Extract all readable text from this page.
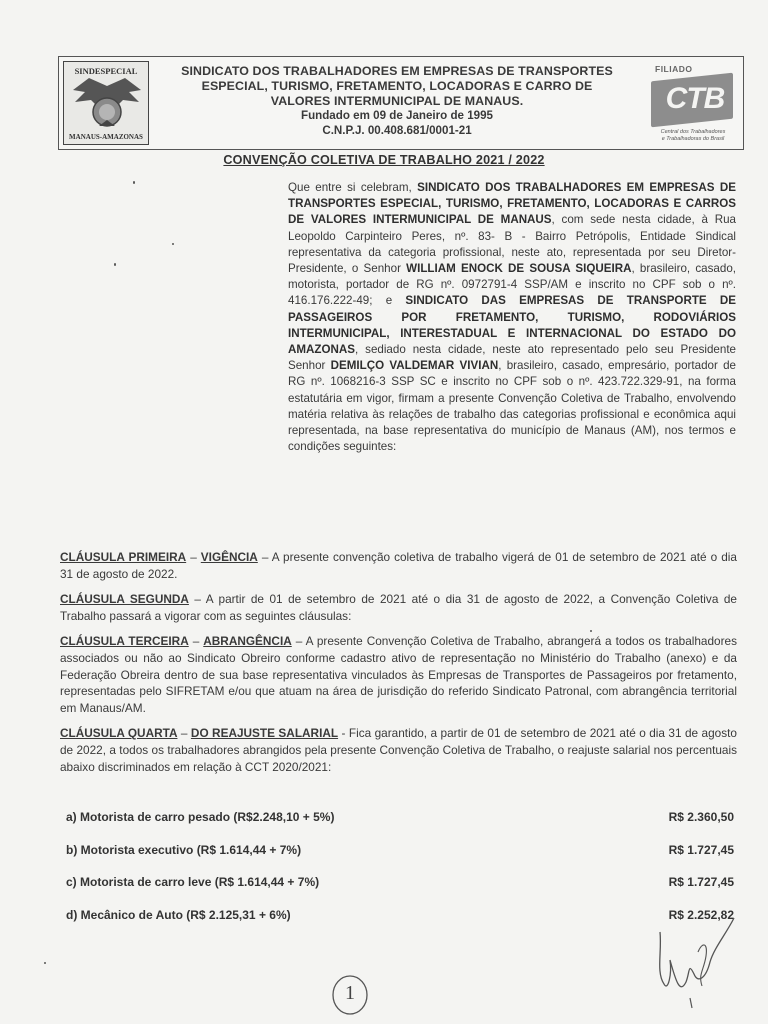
SINDESPECIAL
MANAUS-AMAZONAS
SINDICATO DOS TRABALHADORES EM EMPRESAS DE TRANSPORTES
ESPECIAL, TURISMO, FRETAMENTO, LOCADORAS E CARRO DE
VALORES INTERMUNICIPAL DE MANAUS.
Fundado em 09 de Janeiro de 1995
C.N.P.J. 00.408.681/0001-21
FILIADO
CTB
Central dos Trabalhadores
e Trabalhadoras do Brasil
CONVENÇÃO COLETIVA DE TRABALHO 2021 / 2022
Que entre si celebram, SINDICATO DOS TRABALHADORES EM EMPRESAS DE TRANSPORTES ESPECIAL, TURISMO, FRETAMENTO, LOCADORAS E CARROS DE VALORES INTERMUNICIPAL DE MANAUS, com sede nesta cidade, à Rua Leopoldo Carpinteiro Peres, nº. 83- B - Bairro Petrópolis, Entidade Sindical representativa da categoria profissional, neste ato, representada por seu Diretor-Presidente, o Senhor WILLIAM ENOCK DE SOUSA SIQUEIRA, brasileiro, casado, motorista, portador de RG nº. 0972791-4 SSP/AM e inscrito no CPF sob o nº. 416.176.222-49; e SINDICATO DAS EMPRESAS DE TRANSPORTE DE PASSAGEIROS POR FRETAMENTO, TURISMO, RODOVIÁRIOS INTERMUNICIPAL, INTERESTADUAL E INTERNACIONAL DO ESTADO DO AMAZONAS, sediado nesta cidade, neste ato representado pelo seu Presidente Senhor DEMILÇO VALDEMAR VIVIAN, brasileiro, casado, empresário, portador de RG nº. 1068216-3 SSP SC e inscrito no CPF sob o nº. 423.722.329-91, na forma estatutária em vigor, firmam a presente Convenção Coletiva de Trabalho, envolvendo matéria relativa às relações de trabalho das categorias profissional e econômica aqui representada, na base representativa do município de Manaus (AM), nos termos e condições seguintes:

CLÁUSULA PRIMEIRA – VIGÊNCIA – A presente convenção coletiva de trabalho vigerá de 01 de setembro de 2021 até o dia 31 de agosto de 2022.

CLÁUSULA SEGUNDA – A partir de 01 de setembro de 2021 até o dia 31 de agosto de 2022, a Convenção Coletiva de Trabalho passará a vigorar com as seguintes cláusulas:

CLÁUSULA TERCEIRA – ABRANGÊNCIA – A presente Convenção Coletiva de Trabalho, abrangerá a todos os trabalhadores associados ou não ao Sindicato Obreiro conforme cadastro ativo de representação no Ministério do Trabalho (anexo) e da Federação Obreira dentro de sua base representativa vinculados às Empresas de Transportes de Passageiros por fretamento, representadas pelo SIFRETAM e/ou que atuam na área de jurisdição do referido Sindicato Patronal, com abrangência territorial em Manaus/AM.

CLÁUSULA QUARTA – DO REAJUSTE SALARIAL - Fica garantido, a partir de 01 de setembro de 2021 até o dia 31 de agosto de 2022, a todos os trabalhadores abrangidos pela presente Convenção Coletiva de Trabalho, o reajuste salarial nos percentuais abaixo discriminados em relação à CCT 2020/2021:

a) Motorista de carro pesado (R$2.248,10 + 5%)	R$ 2.360,50
b) Motorista executivo (R$ 1.614,44 + 7%)	R$ 1.727,45
c) Motorista de carro leve (R$ 1.614,44 + 7%)	R$ 1.727,45
d) Mecânico de Auto (R$ 2.125,31 + 6%)	R$ 2.252,82
1
